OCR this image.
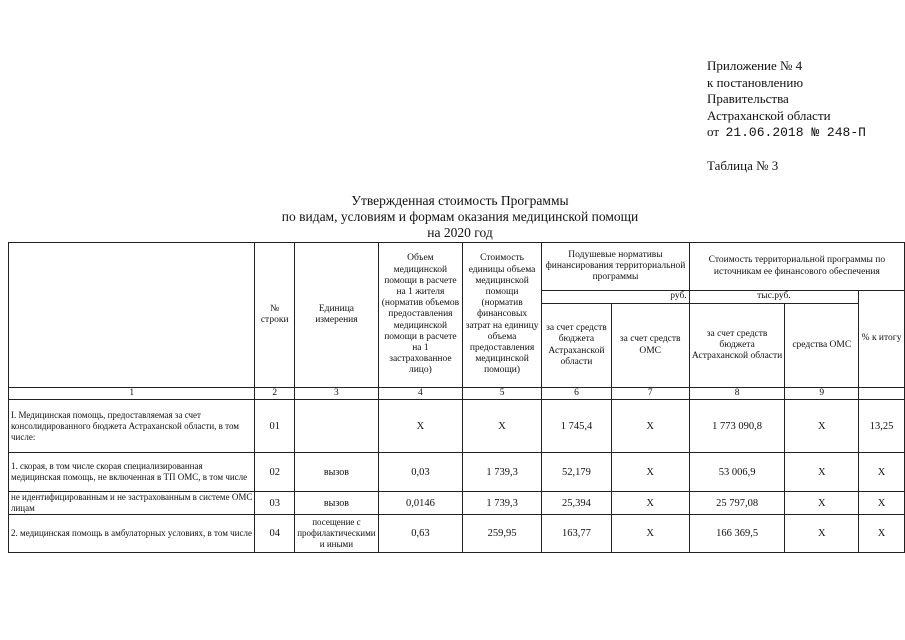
Приложение № 4
к постановлению
Правительства
Астраханской области
от 21.06.2018 № 248-П
Таблица № 3
Утвержденная стоимость Программы
по видам, условиям и формам оказания медицинской помощи
на 2020 год
	№ строки	Единица измерения	Объем медицинской помощи в расчете на 1 жителя (норматив объемов предоставления медицинской помощи в расчете на 1 застрахованное лицо)	Стоимость единицы объема медицинской помощи (норматив финансовых затрат на единицу объема предоставления медицинской помощи)	Подушевые нормативы финансирования территориальной программы		Стоимость территориальной программы по источникам ее финансового обеспечения		
					руб.		тыс.руб.		% к итогу
					за счет средств бюджета Астраханской области	за счет средств ОМС	за счет средств бюджета Астраханской области	средства ОМС	
1	2	3	4	5	6	7	8	9	
I. Медицинская помощь, предоставляемая за счет консолидированного бюджета Астраханской области, в том числе:	01		Х	Х	1 745,4	Х	1 773 090,8	Х	13,25
1. скорая, в том числе скорая специализированная медицинская помощь, не включенная в ТП ОМС, в том числе	02	вызов	0,03	1 739,3	52,179	Х	53 006,9	Х	Х
не идентифицированным и не застрахованным в системе ОМС лицам	03	вызов	0,0146	1 739,3	25,394	Х	25 797,08	Х	Х
2. медицинская помощь в амбулаторных условиях, в том числе	04	посещение с профилактическими и иными	0,63	259,95	163,77	Х	166 369,5	Х	Х
